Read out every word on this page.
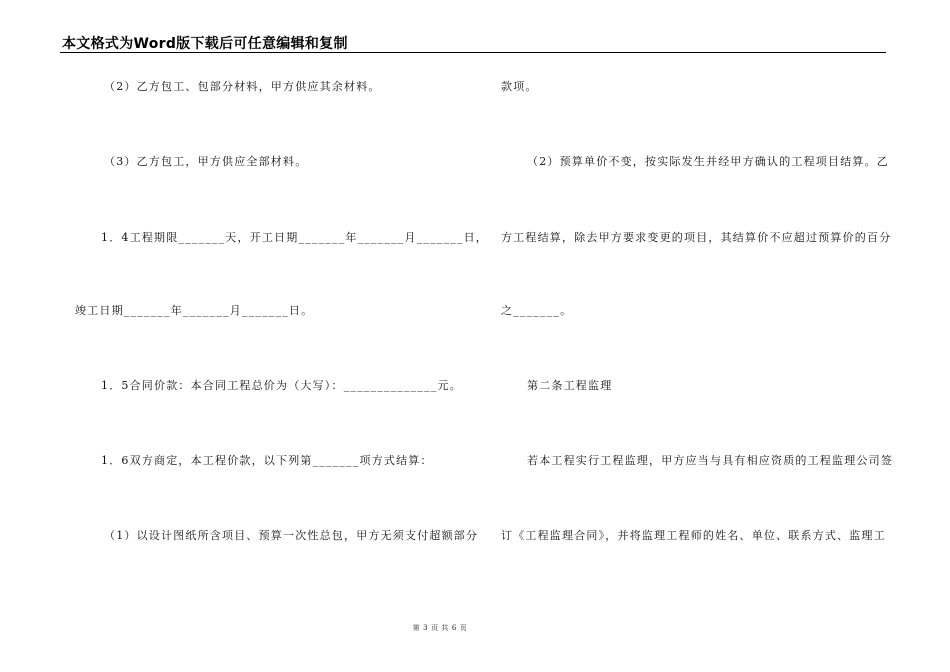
本文格式为Word版下载后可任意编辑和复制
（2）乙方包工、包部分材料，甲方供应其余材料。
（3）乙方包工，甲方供应全部材料。
1．4工程期限_______天，开工日期_______年_______月_______日，
竣工日期_______年_______月_______日。
1．5合同价款：本合同工程总价为（大写）：______________元。
1．6双方商定，本工程价款，以下列第_______项方式结算：
（1）以设计图纸所含项目、预算一次性总包，甲方无须支付超额部分
款项。
（2）预算单价不变，按实际发生并经甲方确认的工程项目结算。乙
方工程结算，除去甲方要求变更的项目，其结算价不应超过预算价的百分
之_______。
第二条工程监理
若本工程实行工程监理，甲方应当与具有相应资质的工程监理公司签
订《工程监理合同》，并将监理工程师的姓名、单位、联系方式、监理工
第 3 页 共 6 页
